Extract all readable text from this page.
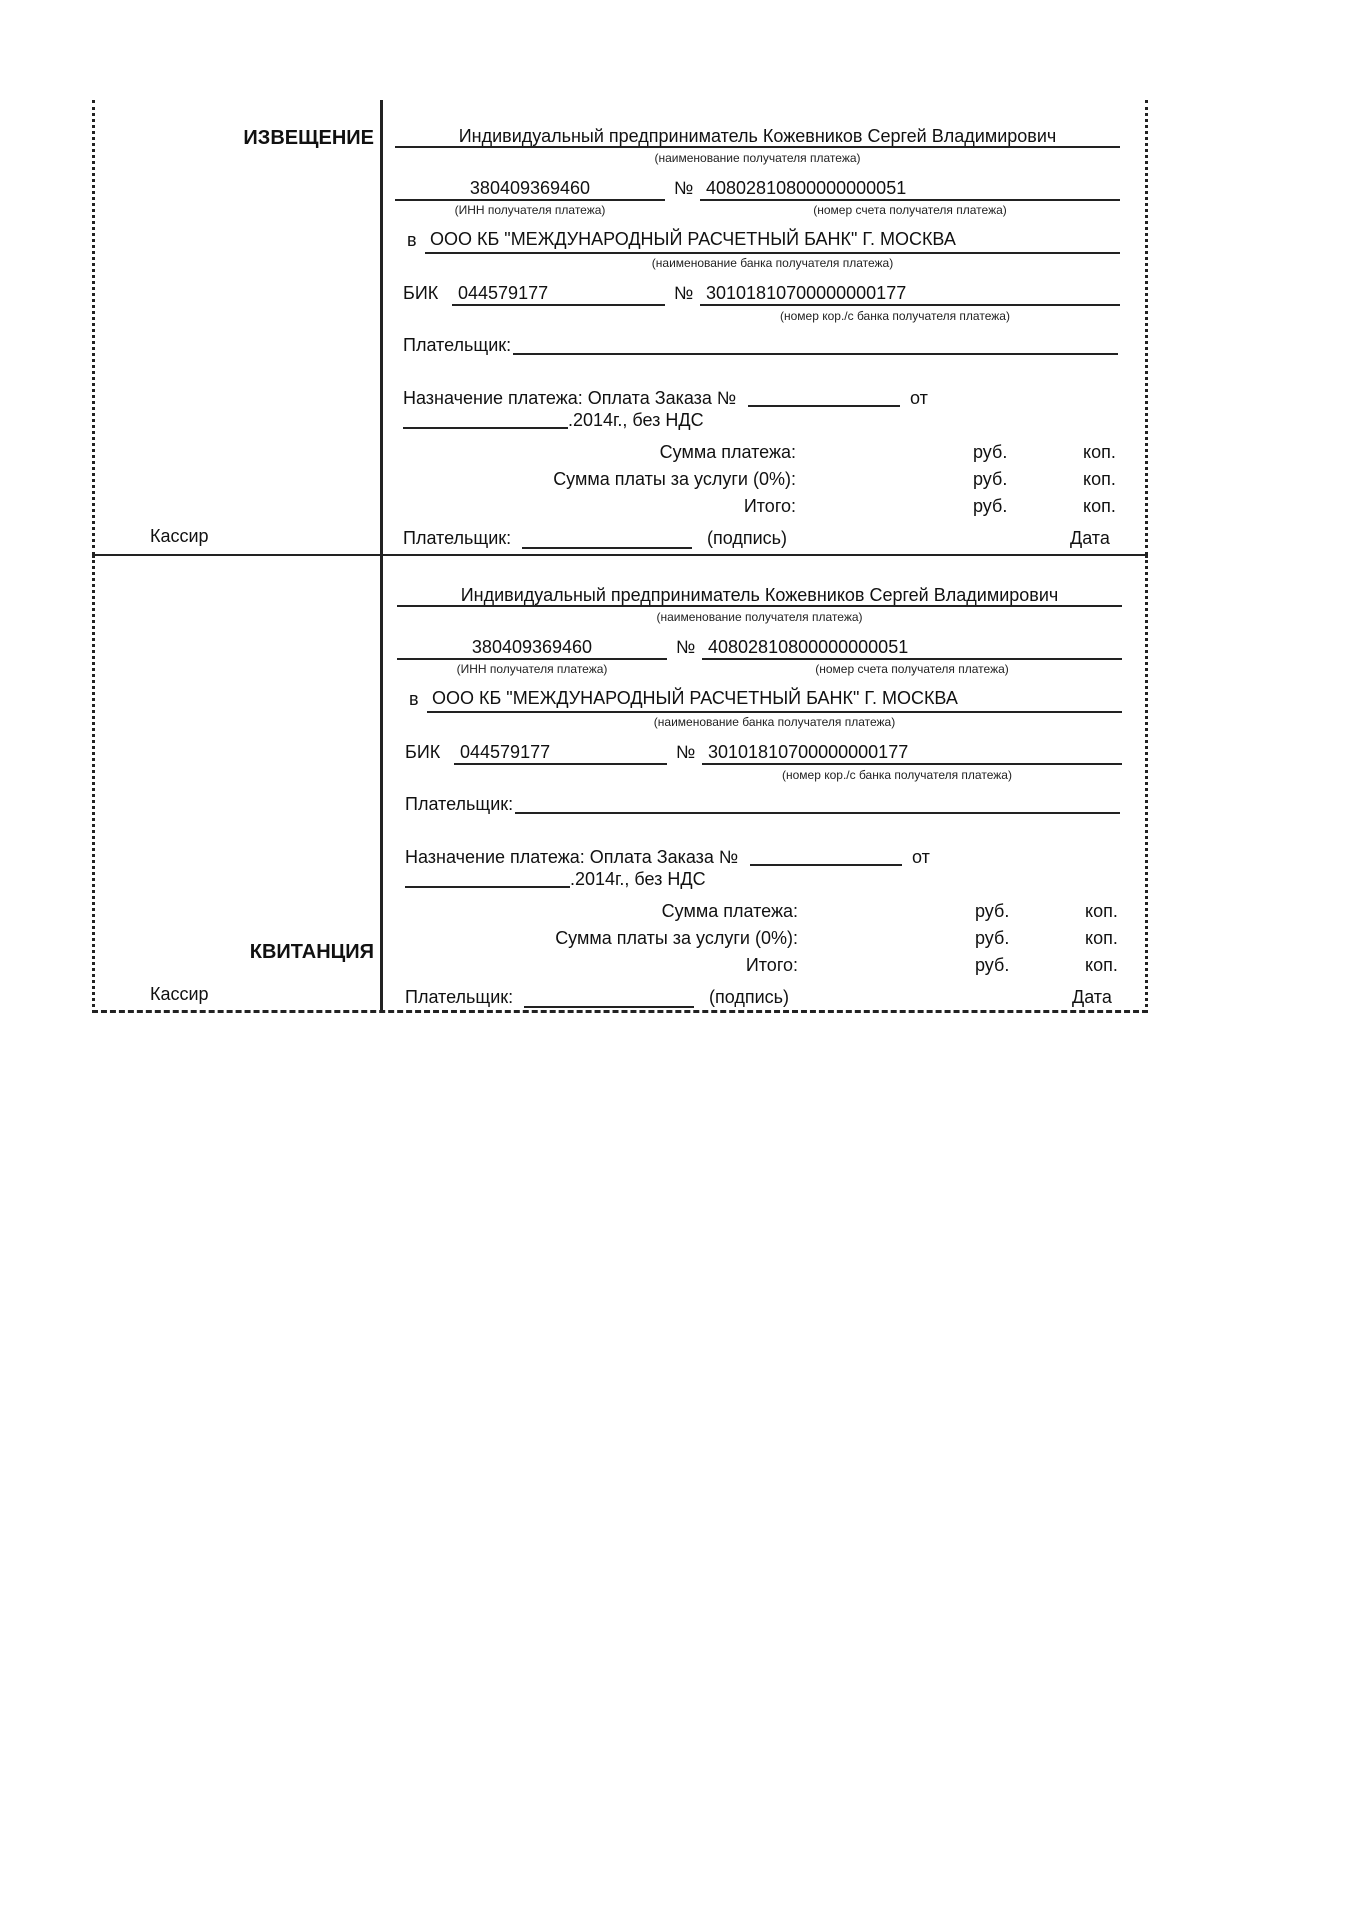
ИЗВЕЩЕНИЕ
Кассир
Индивидуальный предприниматель Кожевников Сергей Владимирович
(наименование получателя платежа)
380409369460
(ИНН получателя платежа)
№ 40802810800000000051
(номер счета получателя платежа)
в ООО КБ "МЕЖДУНАРОДНЫЙ РАСЧЕТНЫЙ БАНК" Г. МОСКВА
(наименование банка получателя платежа)
БИК 044579177	№ 30101810700000000177
(номер кор./с банка получателя платежа)
Плательщик:
Назначение платежа: Оплата Заказа №	от
.2014г., без НДС
Сумма платежа:	руб.	коп.
Сумма платы за услуги (0%):	руб.	коп.
Итого:	руб.	коп.
Плательщик:	(подпись)	Дата
КВИТАНЦИЯ
Кассир
Индивидуальный предприниматель Кожевников Сергей Владимирович
(наименование получателя платежа)
380409369460
(ИНН получателя платежа)
№ 40802810800000000051
(номер счета получателя платежа)
в ООО КБ "МЕЖДУНАРОДНЫЙ РАСЧЕТНЫЙ БАНК" Г. МОСКВА
(наименование банка получателя платежа)
БИК 044579177	№ 30101810700000000177
(номер кор./с банка получателя платежа)
Плательщик:
Назначение платежа: Оплата Заказа №	от
.2014г., без НДС
Сумма платежа:	руб.	коп.
Сумма платы за услуги (0%):	руб.	коп.
Итого:	руб.	коп.
Плательщик:	(подпись)	Дата
